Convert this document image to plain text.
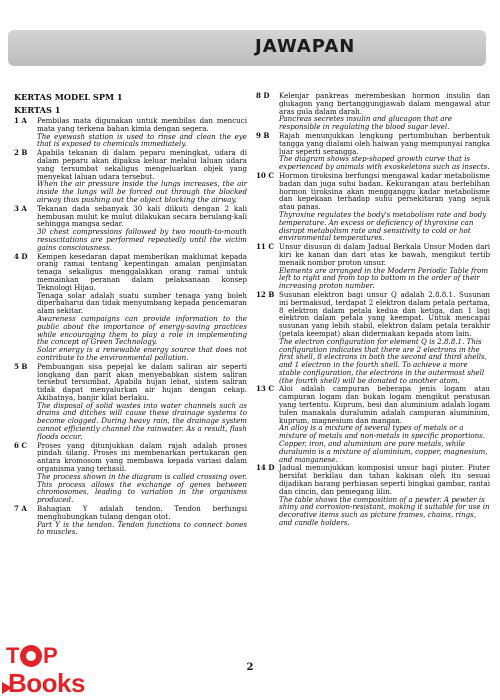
JAWAPAN
KERTAS MODEL SPM 1
KERTAS 1
1 A	Pembilas mata digunakan untuk membilas dan mencuci mata yang terkena bahan kimia dengan segera.

The eyewash station is used to rinse and clean the eye that is exposed to chemicals immediately.

2 B	Apabila tekanan di dalam peparu meningkat, udara di dalam peparu akan dipaksa keluar melalui laluan udara yang tersumbat sekaligus mengeluarkan objek yang menyekat laluan udara tersebut.

When the air pressure inside the lungs increases, the air inside the lungs will be forced out through the blocked airway thus pushing out the object blocking the airway.

3 A	Tekanan dada sebanyak 30 kali diikuti dengan 2 kali hembusan mulut ke mulut dilakukan secara berulang-kali sehingga mangsa sedar.

30 chest compressions followed by two mouth-to-mouth resuscitations are performed repeatedly until the victim gains consciousness.

4 D	Kempen kesedaran dapat memberikan maklumat kepada orang ramai tentang kepentingan amalan penjimatan tenaga sekaligus menggalakkan orang ramai untuk memainkan peranan dalam pelaksanaan konsep Teknologi Hijau.

Tenaga solar adalah suatu sumber tenaga yang boleh diperbaharui dan tidak menyumbang kepada pencemaran alam sekitar.

Awareness campaigns can provide information to the public about the importance of energy-saving practices while encouraging them to play a role in implementing the concept of Green Technology.

Solar energy is a renewable energy source that does not contribute to the environmental pollution.

5 B	Pembuangan sisa pepejal ke dalam saliran air seperti longkang dan parit akan menyebabkan sistem saliran tersebut tersumbat. Apabila hujan lebat, sistem saliran tidak dapat menyalurkan air hujan dengan cekap. Akibatnya, banjir kilat berlaku.

The disposal of solid wastes into water channels such as drains and ditches will cause these drainage systems to become clogged. During heavy rain, the drainage system cannot efficiently channel the rainwater. As a result, flash floods occur.

6 C	Proses yang ditunjukkan dalam rajah adalah proses pindah silang. Proses ini membenarkan pertukaran gen antara kromosom yang membawa kepada variasi dalam organisma yang terhasil.

The process shown in the diagram is called crossing over. This process allows the exchange of genes between chromosomes, leading to variation in the organisms produced.

7 A	Bahagian Y adalah tendon. Tendon berfungsi menghubungkan tulang dengan otot.

Part Y is the tendon. Tendon functions to connect bones to muscles.

8 D	Kelenjar pankreas merembeskan hormon insulin dan glukagon yang bertanggungjawab dalam mengawal atur aras gula dalam darah.

Pancreas secretes insulin and glucagon that are responsible in regulating the blood sugar level.

9 B	Rajah menunjukkan lengkung pertumbuhan berbentuk tangga yang dialami oleh haiwan yang mempunyai rangka luar seperti serangga.

The diagram shows step-shaped growth curve that is experienced by animals with exoskeletons such as insects.

10 C Hormon tiroksina berfungsi mengawal kadar metabolisme badan dan juga suhu badan. Kekurangan atau berlebihan hormon tiroksina akan mengganggu kadar metabolisme dan kepekaan terhadap suhu persekitaran yang sejuk atau panas.

Thyroxine regulates the body's metabolism rate and body temperature. An excess or deficiency of thyroxine can disrupt metabolism rate and sensitivity to cold or hot environmental temperatures.

11 C Unsur disusun di dalam Jadual Berkala Unsur Moden dari kiri ke kanan dan dari atas ke bawah, mengikut tertib menaik nombor proton unsur.

Elements are arranged in the Modern Periodic Table from left to right and from top to bottom in the order of their increasing proton number.

12 B Susunan elektron bagi unsur Q adalah 2.8.8.1. Susunan ini bermaksud, terdapat 2 elektron dalam petala pertama, 8 elektron dalam petala kedua dan ketiga, dan 1 lagi elektron dalam petala yang keempat. Untuk mencapai susunan yang lebih stabil, elektron dalam petala terakhir (petala keempat) akan didermakan kepada atom lain.

The electron configuration for element Q is 2.8.8.1. This configuration indicates that there are 2 electrons in the first shell, 8 electrons in both the second and third shells, and 1 electron in the fourth shell. To achieve a more stable configuration, the electrons in the outermost shell (the fourth shell) will be donated to another atom.

13 C Aloi adalah campuran beberapa jenis logam atau campuran logam dan bukan logam mengikut peratusan yang tertentu. Kuprum, besi dan aluminium adalah logam tulen manakala duralumin adalah campuran aluminium, kuprum, magnesium dan mangan.

An alloy is a mixture of several types of metals or a mixture of metals and non-metals in specific proportions. Copper, iron, and aluminium are pure metals, while duralumin is a mixture of aluminium, copper, magnesium, and manganese.

14 D Jadual menunjukkan komposisi unsur bagi piuter. Piuter bersifat berkilau dan tahan kakisan oleh itu sesuai dijadikan barang perhiasan seperti bingkai gambar, rantai dan cincin, dan pemegang lilin.

The table shows the composition of a pewter. A pewter is shiny and corrosion-resistant, making it suitable for use in decorative items such as picture frames, chains, rings, and candle holders.

2

T P
Books
